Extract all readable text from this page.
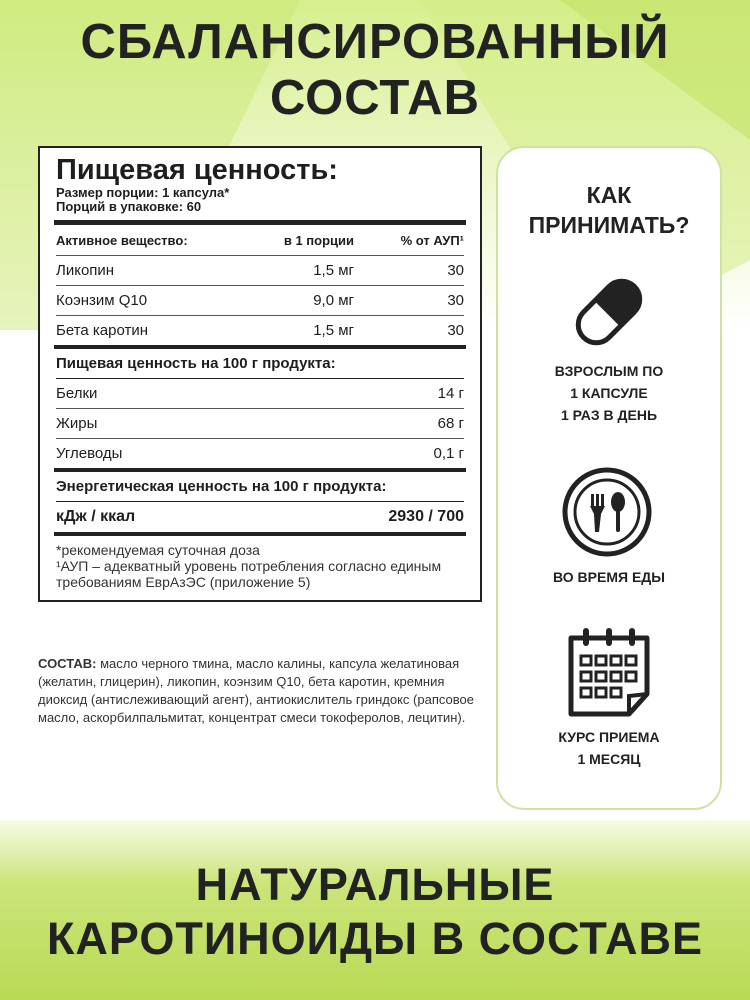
СБАЛАНСИРОВАННЫЙ
СОСТАВ
Пищевая ценность:
Размер порции: 1 капсула*
Порций в упаковке: 60
Активное вещество:	в 1 порции	% от АУП¹
Ликопин	1,5 мг	30
Коэнзим Q10	9,0 мг	30
Бета каротин	1,5 мг	30
Пищевая ценность на 100 г продукта:
Белки	14 г
Жиры	68 г
Углеводы	0,1 г
Энергетическая ценность на 100 г продукта:
кДж / ккал	2930 / 700
*рекомендуемая суточная доза
¹АУП – адекватный уровень потребления согласно единым
требованиям ЕврАзЭС (приложение 5)

СОСТАВ: масло черного тмина, масло калины, капсула желатиновая (желатин, глицерин), ликопин, коэнзим Q10, бета каротин, кремния диоксид (антислеживающий агент), антиокислитель гриндокс (рапсовое масло, аскорбилпальмитат, концентрат смеси токоферолов, лецитин).

КАК
ПРИНИМАТЬ?
ВЗРОСЛЫМ ПО
1 КАПСУЛЕ
1 РАЗ В ДЕНЬ
ВО ВРЕМЯ ЕДЫ
КУРС ПРИЕМА
1 МЕСЯЦ
НАТУРАЛЬНЫЕ
КАРОТИНОИДЫ В СОСТАВЕ
